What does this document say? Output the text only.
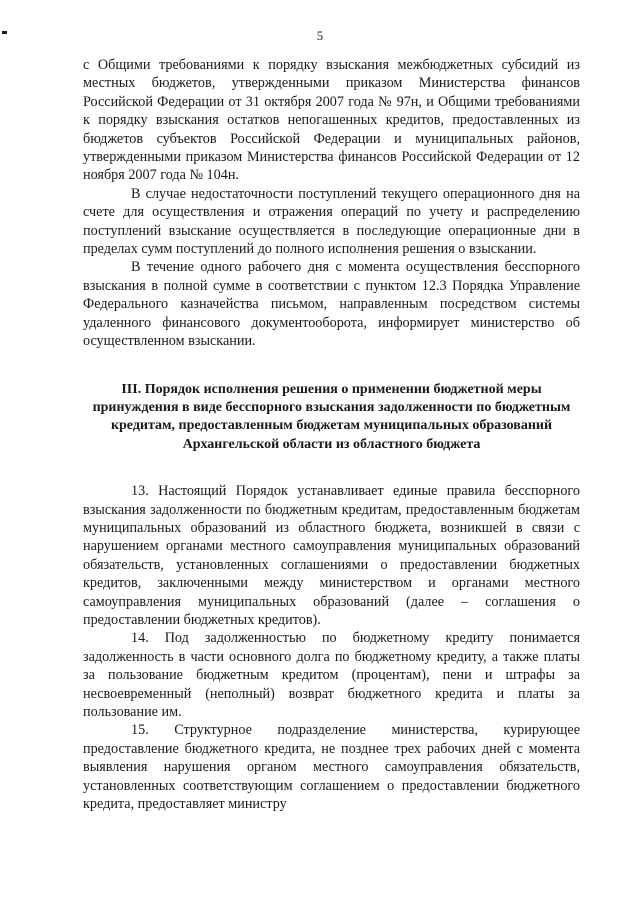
5

с Общими требованиями к порядку взыскания межбюджетных субсидий из местных бюджетов, утвержденными приказом Министерства финансов Российской Федерации от 31 октября 2007 года № 97н, и Общими требованиями к порядку взыскания остатков непогашенных кредитов, предоставленных из бюджетов субъектов Российской Федерации и муниципальных районов, утвержденными приказом Министерства финансов Российской Федерации от 12 ноября 2007 года № 104н.

В случае недостаточности поступлений текущего операционного дня на счете для осуществления и отражения операций по учету и распределению поступлений взыскание осуществляется в последующие операционные дни в пределах сумм поступлений до полного исполнения решения о взыскании.

В течение одного рабочего дня с момента осуществления бесспорного взыскания в полной сумме в соответствии с пунктом 12.3 Порядка Управление Федерального казначейства письмом, направленным посредством системы удаленного финансового документооборота, информирует министерство об осуществленном взыскании.

III. Порядок исполнения решения о применении бюджетной меры принуждения в виде бесспорного взыскания задолженности по бюджетным кредитам, предоставленным бюджетам муниципальных образований Архангельской области из областного бюджета

13. Настоящий Порядок устанавливает единые правила бесспорного взыскания задолженности по бюджетным кредитам, предоставленным бюджетам муниципальных образований из областного бюджета, возникшей в связи с нарушением органами местного самоуправления муниципальных образований обязательств, установленных соглашениями о предоставлении бюджетных кредитов, заключенными между министерством и органами местного самоуправления муниципальных образований (далее – соглашения о предоставлении бюджетных кредитов).

14. Под задолженностью по бюджетному кредиту понимается задолженность в части основного долга по бюджетному кредиту, а также платы за пользование бюджетным кредитом (процентам), пени и штрафы за несвоевременный (неполный) возврат бюджетного кредита и платы за пользование им.

15. Структурное подразделение министерства, курирующее предоставление бюджетного кредита, не позднее трех рабочих дней с момента выявления нарушения органом местного самоуправления обязательств, установленных соответствующим соглашением о предоставлении бюджетного кредита, предоставляет министру
